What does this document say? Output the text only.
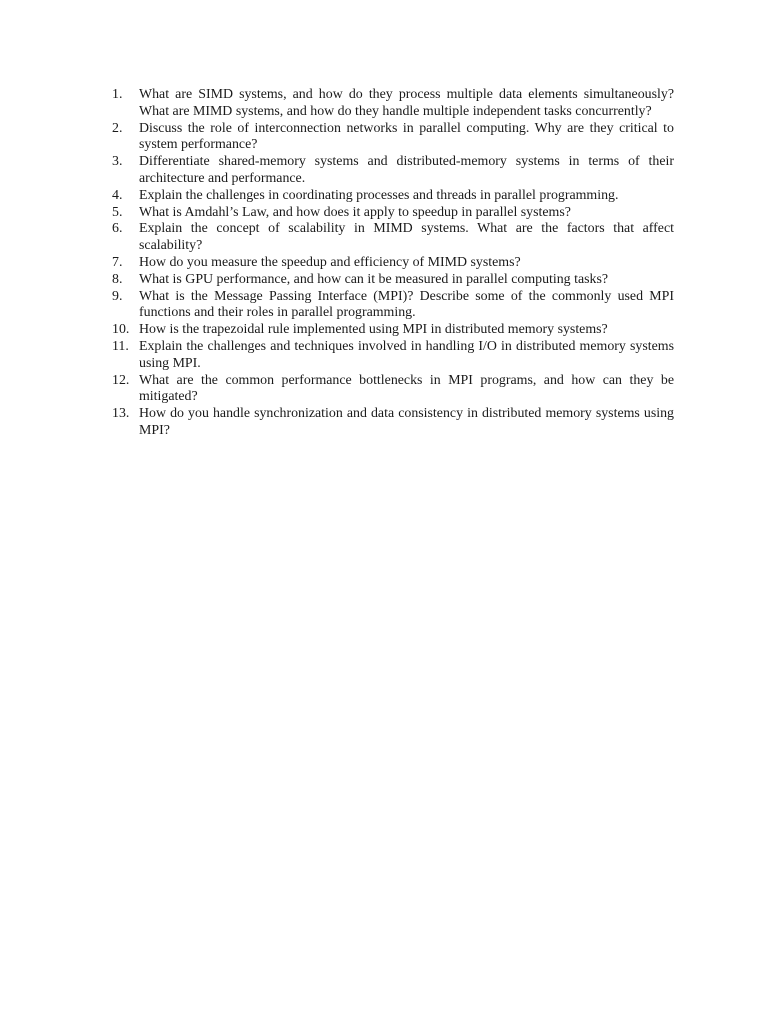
1.	What are SIMD systems, and how do they process multiple data elements simultaneously? What are MIMD systems, and how do they handle multiple independent tasks concurrently?
2.	Discuss the role of interconnection networks in parallel computing. Why are they critical to system performance?
3.	Differentiate shared-memory systems and distributed-memory systems in terms of their architecture and performance.
4.	Explain the challenges in coordinating processes and threads in parallel programming.
5.	What is Amdahl’s Law, and how does it apply to speedup in parallel systems?
6.	Explain the concept of scalability in MIMD systems. What are the factors that affect scalability?
7.	How do you measure the speedup and efficiency of MIMD systems?
8.	What is GPU performance, and how can it be measured in parallel computing tasks?
9.	What is the Message Passing Interface (MPI)? Describe some of the commonly used MPI functions and their roles in parallel programming.
10. How is the trapezoidal rule implemented using MPI in distributed memory systems?
11. Explain the challenges and techniques involved in handling I/O in distributed memory systems using MPI.
12. What are the common performance bottlenecks in MPI programs, and how can they be mitigated?
13. How do you handle synchronization and data consistency in distributed memory systems using MPI?
